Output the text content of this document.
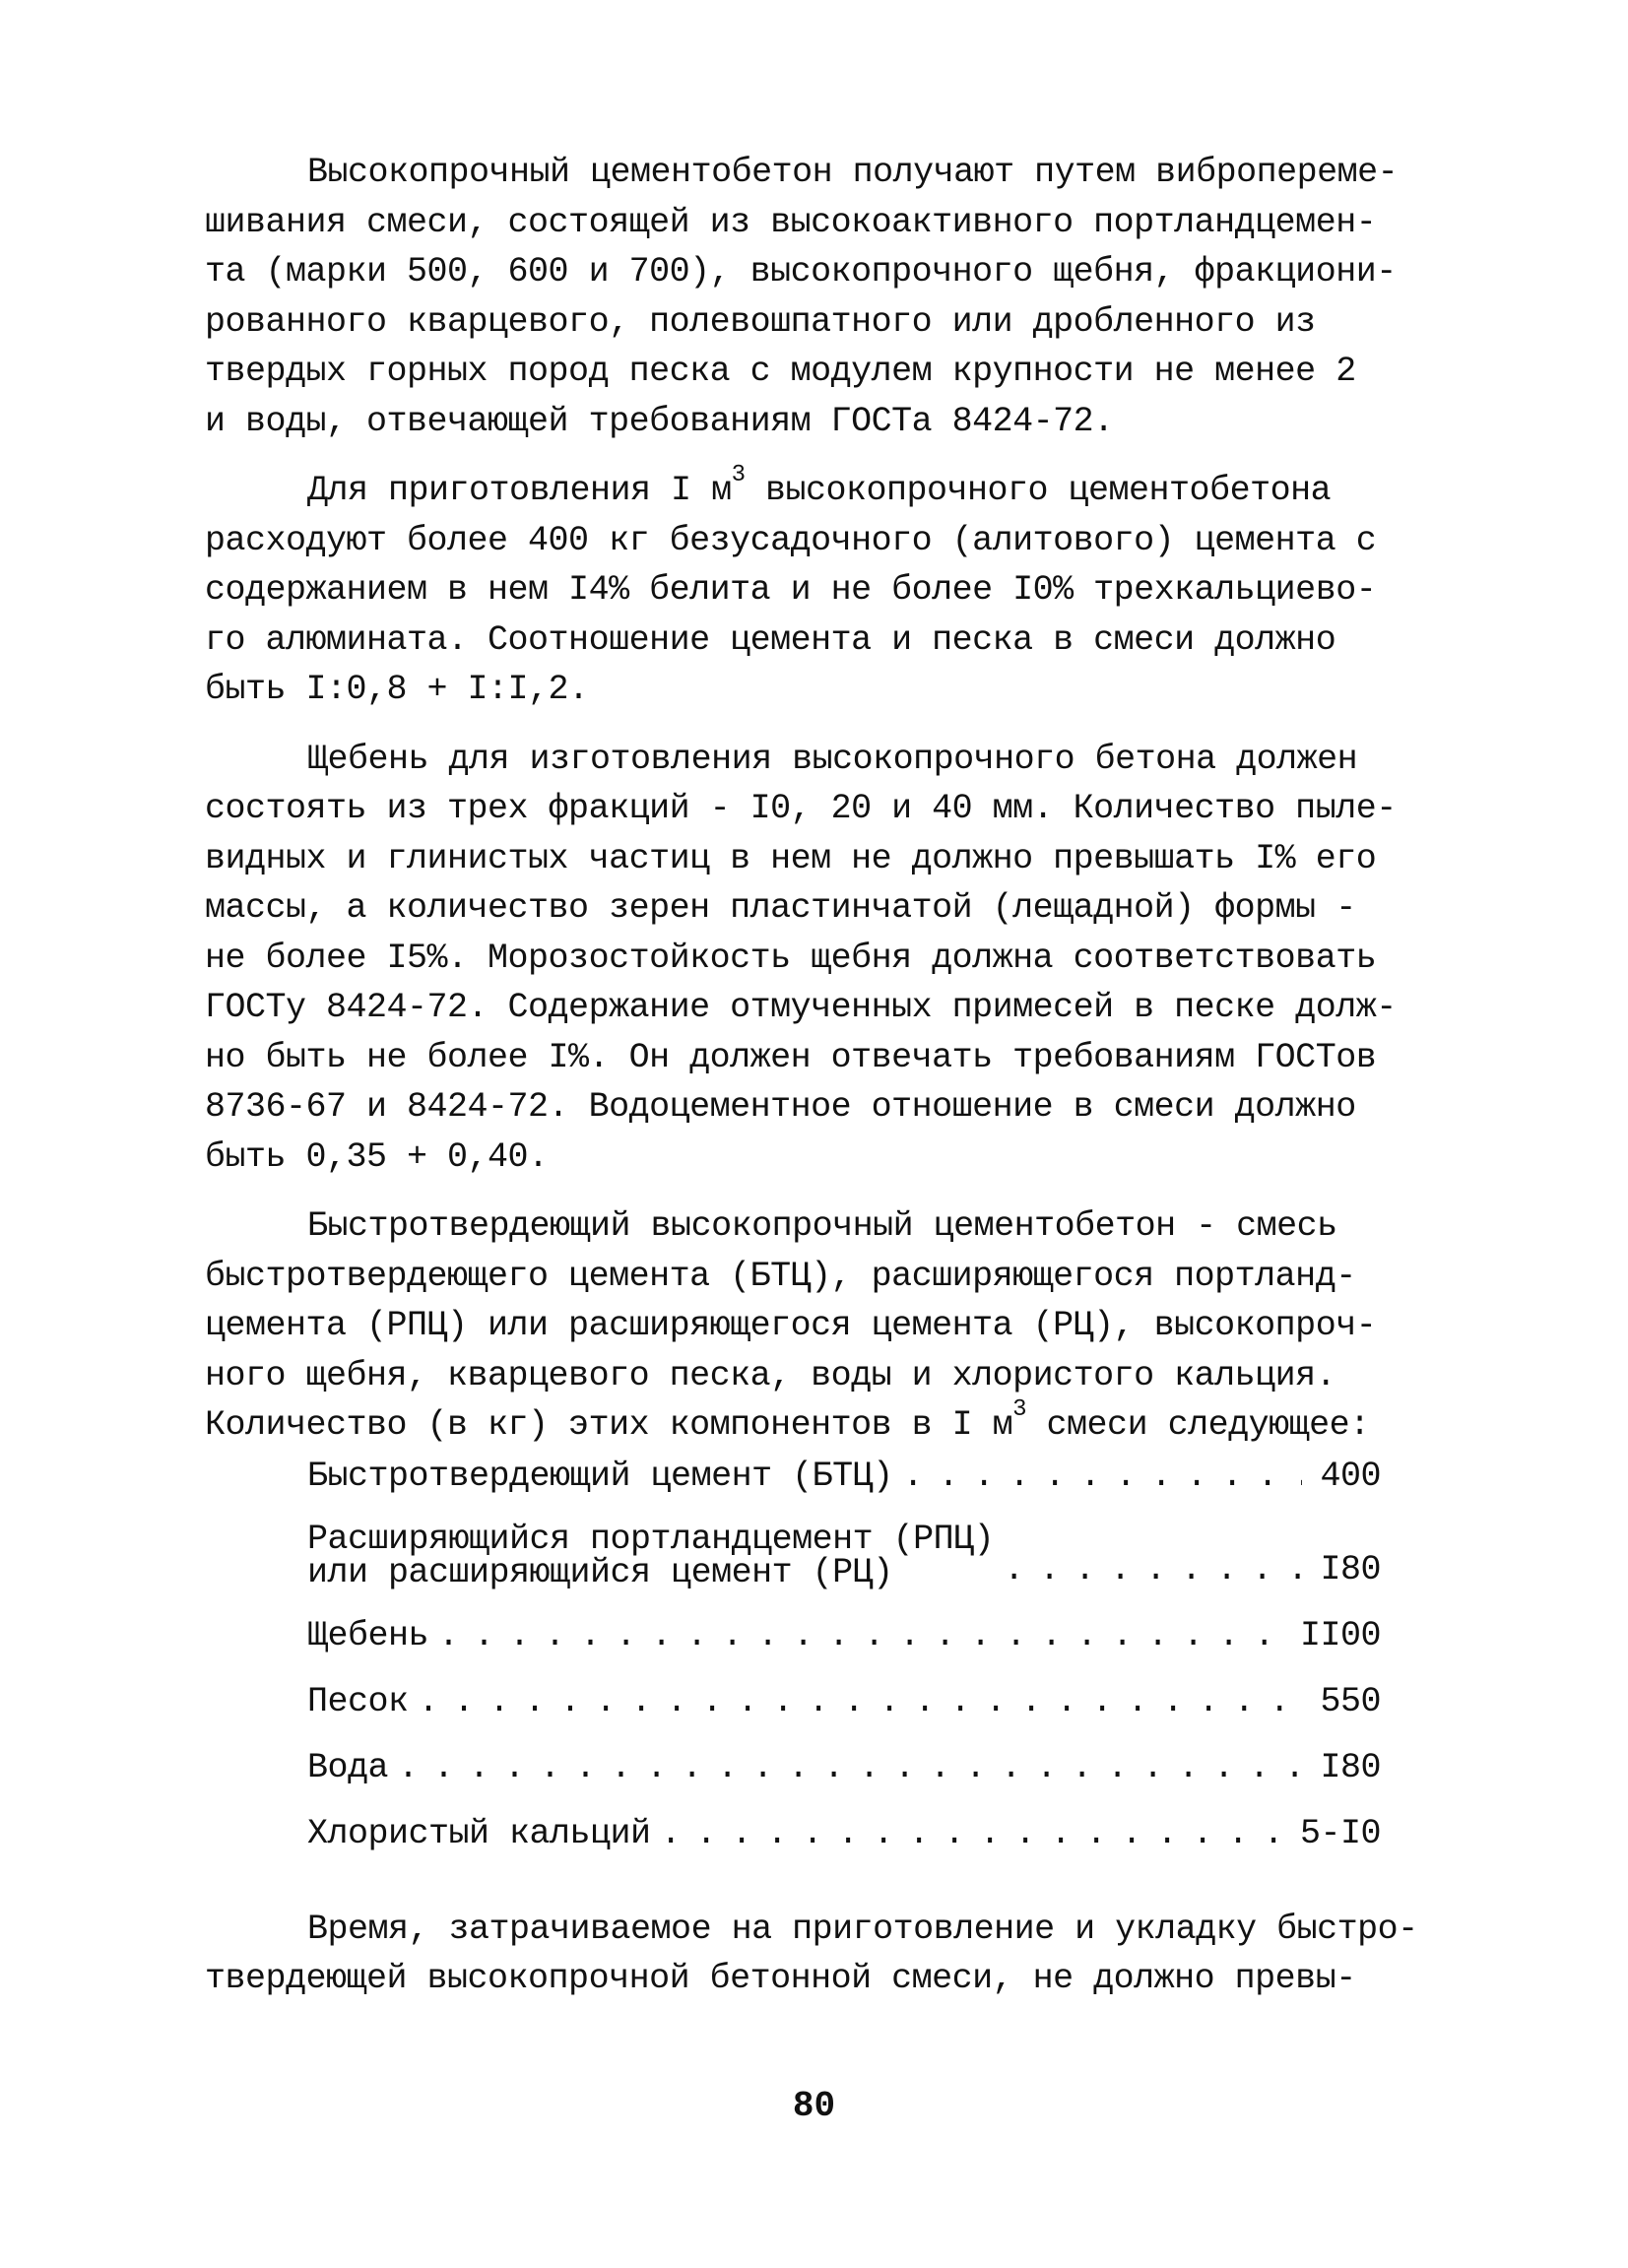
Высокопрочный цементобетон получают путем вибропереме-
шивания смеси, состоящей из высокоактивного портландцемен-
та (марки 500, 600 и 700), высокопрочного щебня, фракциони-
рованного кварцевого, полевошпатного или дробленного из
твердых горных пород песка с модулем крупности не менее 2
и воды, отвечающей требованиям ГОСТа 8424-72.
Для приготовления I $м^3$ высокопрочного цементобетона
расходуют более 400 кг безусадочного (алитового) цемента с
содержанием в нем I4% белита и не более I0% трехкальциево-
го алюмината. Соотношение цемента и песка в смеси должно
быть I:0,8 + I:I,2.
Щебень для изготовления высокопрочного бетона должен
состоять из трех фракций - I0, 20 и 40 мм. Количество пыле-
видных и глинистых частиц в нем не должно превышать I% его
массы, а количество зерен пластинчатой (лещадной) формы -
не более I5%. Морозостойкость щебня должна соответствовать
ГОСТу 8424-72. Содержание отмученных примесей в песке долж-
но быть не более I%. Он должен отвечать требованиям ГОСТов
8736-67 и 8424-72. Водоцементное отношение в смеси должно
быть 0,35 + 0,40.
Быстротвердеющий высокопрочный цементобетон - смесь
быстротвердеющего цемента (БТЦ), расширяющегося портланд-
цемента (РПЦ) или расширяющегося цемента (РЦ), высокопроч-
ного щебня, кварцевого песка, воды и хлористого кальция.
Количество (в кг) этих компонентов в I $м^3$ смеси следующее:
Быстротвердеющий цемент (БТЦ) . . .	400
Расширяющийся портландцемент (РПЦ)
или расширяющийся цемент (РЦ) . . .	I80
Щебень . . .	II00
Песок . . .	550
Вода . . .	I80
Хлористый кальций . . .	5-I0
Время, затрачиваемое на приготовление и укладку быстро-
твердеющей высокопрочной бетонной смеси, не должно превы-
80
